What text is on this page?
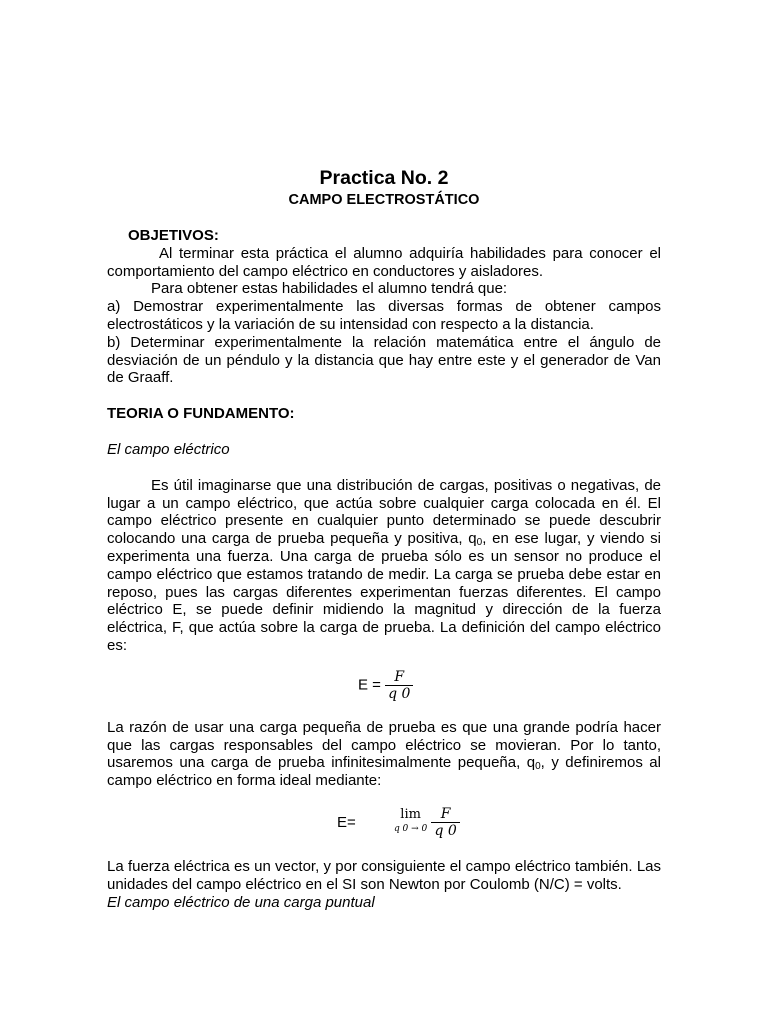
Practica No. 2
CAMPO ELECTROSTÁTICO
OBJETIVOS:

Al terminar esta práctica el alumno adquiría habilidades para conocer el comportamiento del campo eléctrico en conductores y aisladores.

Para obtener estas habilidades el alumno tendrá que:

a) Demostrar experimentalmente las diversas formas de obtener campos electrostáticos y la variación de su intensidad con respecto a la distancia.

b) Determinar experimentalmente la relación matemática entre el ángulo de desviación de un péndulo y la distancia que hay entre este y el generador de Van de Graaff.

TEORIA O FUNDAMENTO:
El campo eléctrico

Es útil imaginarse que una distribución de cargas, positivas o negativas, de lugar a un campo eléctrico, que actúa sobre cualquier carga colocada en él. El campo eléctrico presente en cualquier punto determinado se puede descubrir colocando una carga de prueba pequeña y positiva, $q_0$, en ese lugar, y viendo si experimenta una fuerza. Una carga de prueba sólo es un sensor no produce el campo eléctrico que estamos tratando de medir. La carga se prueba debe estar en reposo, pues las cargas diferentes experimentan fuerzas diferentes. El campo eléctrico E, se puede definir midiendo la magnitud y dirección de la fuerza eléctrica, F, que actúa sobre la carga de prueba. La definición del campo eléctrico es:

$E = \frac{F}{q 0}$

La razón de usar una carga pequeña de prueba es que una grande podría hacer que las cargas responsables del campo eléctrico se movieran. Por lo tanto, usaremos una carga de prueba infinitesimalmente pequeña, $q_0$, y definiremos al campo eléctrico en forma ideal mediante:

E=	lim
q 0 → 0
$\frac{F}{q 0}$

La fuerza eléctrica es un vector, y por consiguiente el campo eléctrico también. Las unidades del campo eléctrico en el SI son Newton por Coulomb (N/C) = volts.

El campo eléctrico de una carga puntual
